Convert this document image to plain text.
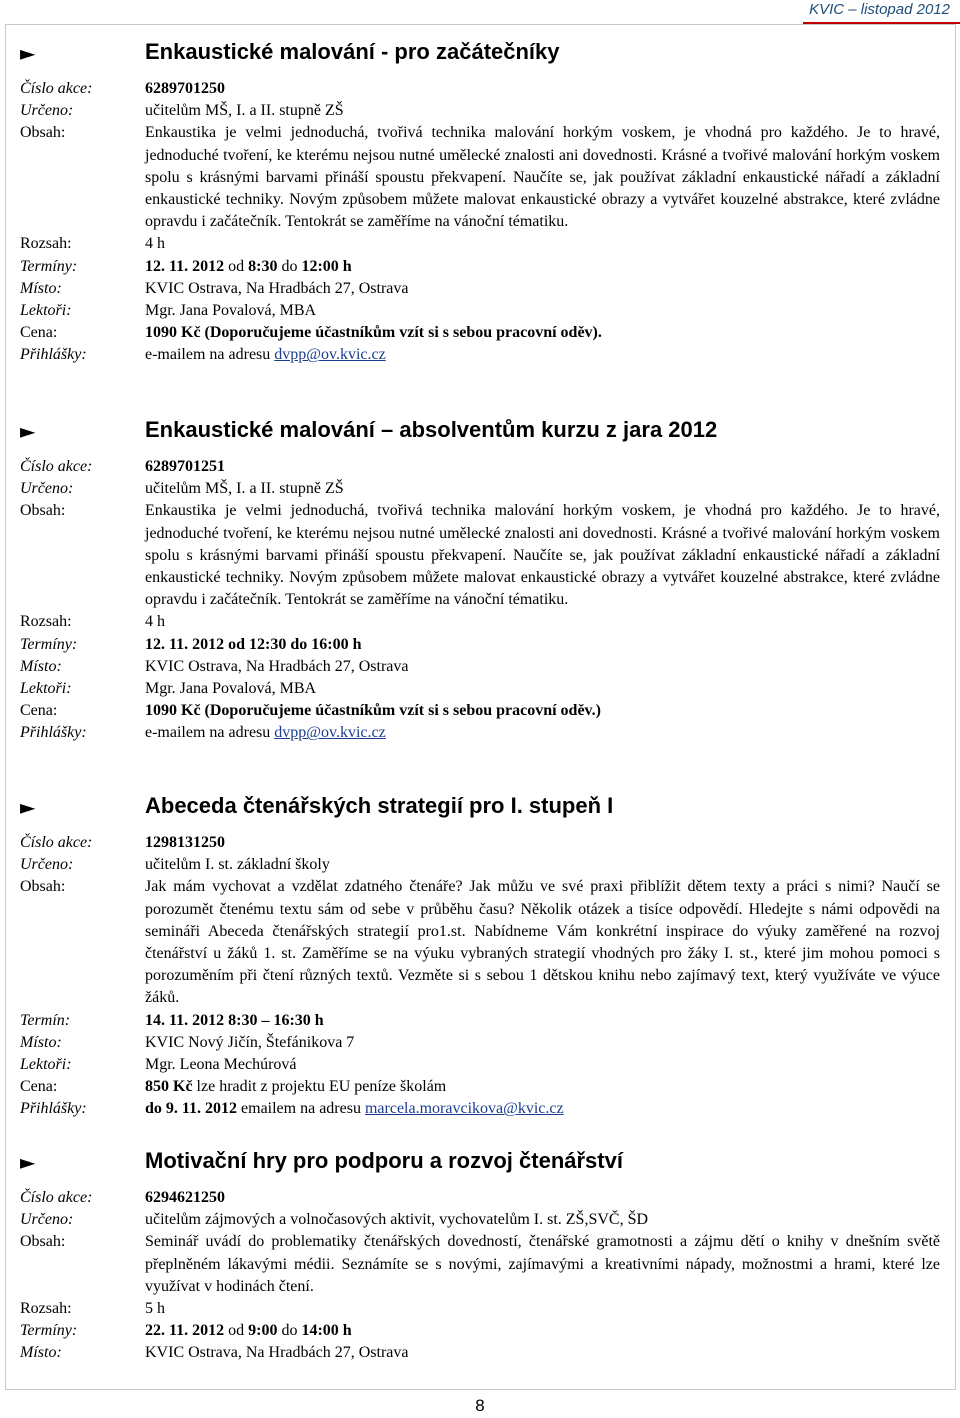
KVIC – listopad 2012
►	Enkaustické malování - pro začátečníky
Číslo akce:	6289701250
Určeno:	učitelům MŠ, I. a II. stupně ZŠ
Obsah:	Enkaustika je velmi jednoduchá, tvořivá technika malování horkým voskem, je vhodná pro každého. Je to hravé, jednoduché tvoření, ke kterému nejsou nutné umělecké znalosti ani dovednosti. Krásné a tvořivé malování horkým voskem spolu s krásnými barvami přináší spoustu překvapení. Naučíte se, jak používat základní enkaustické nářadí a základní enkaustické techniky. Novým způsobem můžete malovat enkaustické obrazy a vytvářet kouzelné abstrakce, které zvládne opravdu i začátečník. Tentokrát se zaměříme na vánoční tématiku.
Rozsah:	4 h
Termíny:	12. 11. 2012 od 8:30 do 12:00 h
Místo:	KVIC Ostrava, Na Hradbách 27, Ostrava
Lektoři:	Mgr. Jana Povalová, MBA
Cena:	1090 Kč (Doporučujeme účastníkům vzít si s sebou pracovní oděv).
Přihlášky:	e-mailem na adresu dvpp@ov.kvic.cz
►	Enkaustické malování – absolventům kurzu z jara 2012
Číslo akce:	6289701251
Určeno:	učitelům MŠ, I. a II. stupně ZŠ
Obsah:	Enkaustika je velmi jednoduchá, tvořivá technika malování horkým voskem, je vhodná pro každého. Je to hravé, jednoduché tvoření, ke kterému nejsou nutné umělecké znalosti ani dovednosti. Krásné a tvořivé malování horkým voskem spolu s krásnými barvami přináší spoustu překvapení. Naučíte se, jak používat základní enkaustické nářadí a základní enkaustické techniky. Novým způsobem můžete malovat enkaustické obrazy a vytvářet kouzelné abstrakce, které zvládne opravdu i začátečník. Tentokrát se zaměříme na vánoční tématiku.
Rozsah:	4 h
Termíny:	12. 11. 2012 od 12:30 do 16:00 h
Místo:	KVIC Ostrava, Na Hradbách 27, Ostrava
Lektoři:	Mgr. Jana Povalová, MBA
Cena:	1090 Kč (Doporučujeme účastníkům vzít si s sebou pracovní oděv.)
Přihlášky:	e-mailem na adresu dvpp@ov.kvic.cz
►	Abeceda čtenářských strategií pro I. stupeň I
Číslo akce:	1298131250
Určeno:	učitelům I. st. základní školy
Obsah:	Jak mám vychovat a vzdělat zdatného čtenáře? Jak můžu ve své praxi přiblížit dětem texty a práci s nimi? Naučí se porozumět čtenému textu sám od sebe v průběhu času? Několik otázek a tisíce odpovědí. Hledejte s námi odpovědi na semináři Abeceda čtenářských strategií pro1.st. Nabídneme Vám konkrétní inspirace do výuky zaměřené na rozvoj čtenářství u žáků 1. st. Zaměříme se na výuku vybraných strategií vhodných pro žáky I. st., které jim mohou pomoci s porozuměním při čtení různých textů. Vezměte si s sebou 1 dětskou knihu nebo zajímavý text, který využíváte ve výuce žáků.
Termín:	14. 11. 2012 8:30 – 16:30 h
Místo:	KVIC Nový Jičín, Štefánikova 7
Lektoři:	Mgr. Leona Mechúrová
Cena:	850 Kč lze hradit z projektu EU peníze školám
Přihlášky:	do 9. 11. 2012 emailem na adresu marcela.moravcikova@kvic.cz
►	Motivační hry pro podporu a rozvoj čtenářství
Číslo akce:	6294621250
Určeno:	učitelům zájmových a volnočasových aktivit, vychovatelům I. st. ZŠ,SVČ, ŠD
Obsah:	Seminář uvádí do problematiky čtenářských dovedností, čtenářské gramotnosti a zájmu dětí o knihy v dnešním světě přeplněném lákavými médii. Seznámíte se s novými, zajímavými a kreativními nápady, možnostmi a hrami, které lze využívat v hodinách čtení.
Rozsah:	5 h
Termíny:	22. 11. 2012 od 9:00 do 14:00 h
Místo:	KVIC Ostrava, Na Hradbách 27, Ostrava
8
